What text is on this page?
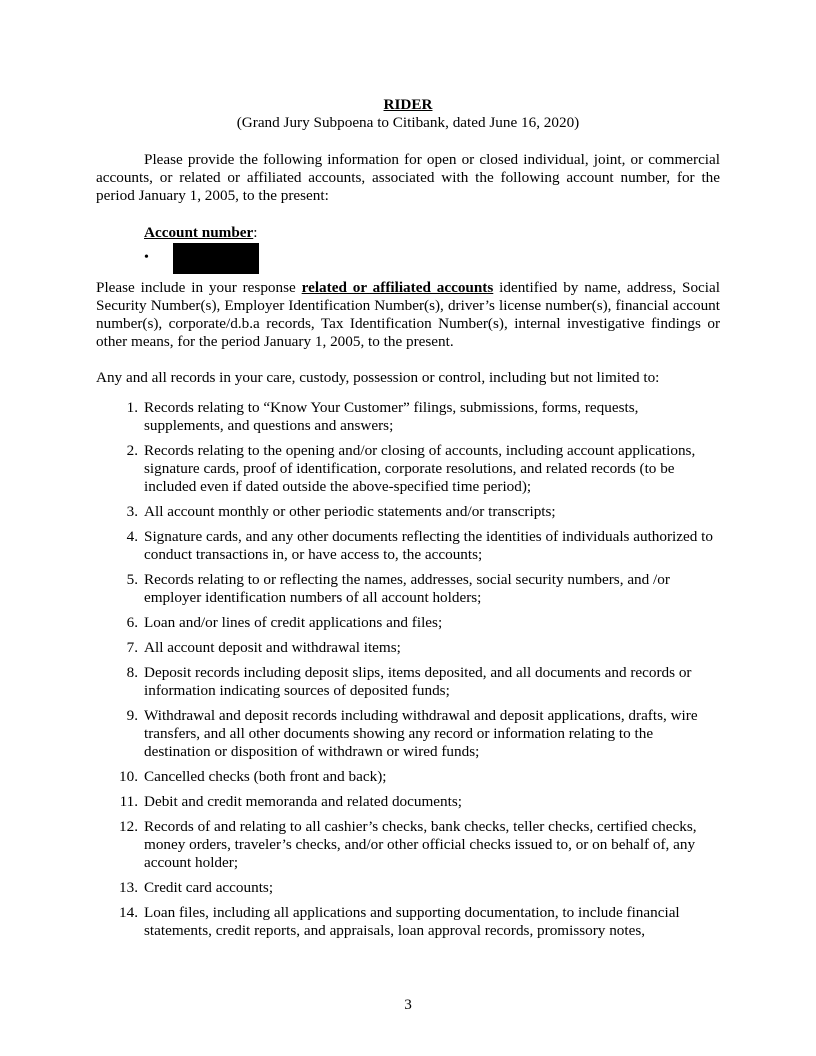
RIDER
(Grand Jury Subpoena to Citibank, dated June 16, 2020)
Please provide the following information for open or closed individual, joint, or commercial accounts, or related or affiliated accounts, associated with the following account number, for the period January 1, 2005, to the present:
Account number:
•
Please include in your response related or affiliated accounts identified by name, address, Social Security Number(s), Employer Identification Number(s), driver’s license number(s), financial account number(s), corporate/d.b.a records, Tax Identification Number(s), internal investigative findings or other means, for the period January 1, 2005, to the present.
Any and all records in your care, custody, possession or control, including but not limited to:
1. Records relating to “Know Your Customer” filings, submissions, forms, requests, supplements, and questions and answers;
2. Records relating to the opening and/or closing of accounts, including account applications, signature cards, proof of identification, corporate resolutions, and related records (to be included even if dated outside the above-specified time period);
3. All account monthly or other periodic statements and/or transcripts;
4. Signature cards, and any other documents reflecting the identities of individuals authorized to conduct transactions in, or have access to, the accounts;
5. Records relating to or reflecting the names, addresses, social security numbers, and /or employer identification numbers of all account holders;
6. Loan and/or lines of credit applications and files;
7. All account deposit and withdrawal items;
8. Deposit records including deposit slips, items deposited, and all documents and records or information indicating sources of deposited funds;
9. Withdrawal and deposit records including withdrawal and deposit applications, drafts, wire transfers, and all other documents showing any record or information relating to the destination or disposition of withdrawn or wired funds;
10. Cancelled checks (both front and back);
11. Debit and credit memoranda and related documents;
12. Records of and relating to all cashier’s checks, bank checks, teller checks, certified checks, money orders, traveler’s checks, and/or other official checks issued to, or on behalf of, any account holder;
13. Credit card accounts;
14. Loan files, including all applications and supporting documentation, to include financial statements, credit reports, and appraisals, loan approval records, promissory notes,
3
